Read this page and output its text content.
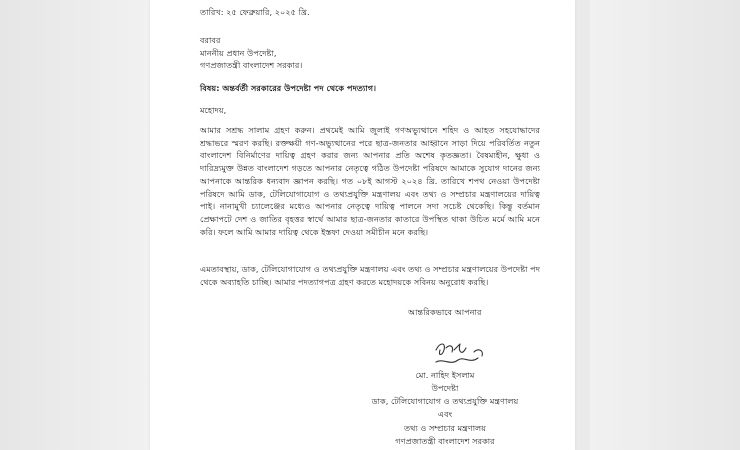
তারিখ: ২৫ ফেব্রুয়ারি, ২০২৫ খ্রি.

বরাবর

মাননীয় প্রধান উপদেষ্টা,

গণপ্রজাতন্ত্রী বাংলাদেশ সরকার।

বিষয়: অন্তর্বর্তী সরকারের উপদেষ্টা পদ থেকে পদত্যাগ।

মহোদয়,

আমার সশ্রদ্ধ সালাম গ্রহণ করুন। প্রথমেই আমি জুলাই গণঅভ্যুত্থানে শহিদ ও আহত সহযোদ্ধাদের শ্রদ্ধাভরে স্মরণ করছি। রক্তক্ষয়ী গণ-অভ্যুত্থানের পরে ছাত্র-জনতার আহ্বানে সাড়া দিয়ে পরিবর্তিত নতুন বাংলাদেশ বিনির্মাণের দায়িত্ব গ্রহণ করার জন্য আপনার প্রতি অশেষ কৃতজ্ঞতা। বৈষম্যহীন, ক্ষুধা ও দারিদ্র্যমুক্ত উন্নত বাংলাদেশ গড়তে আপনার নেতৃত্বে গঠিত উপদেষ্টা পরিষদে আমাকে সুযোগ দানের জন্য আপনাকে আন্তরিক ধন্যবাদ জ্ঞাপন করছি। গত ০৮ই আগস্ট ২০২৪ খ্রি. তারিখে শপথ নেওয়া উপদেষ্টা পরিষদে আমি ডাক, টেলিযোগাযোগ ও তথ্যপ্রযুক্তি মন্ত্রণালয় এবং তথ্য ও সম্প্রচার মন্ত্রণালয়ের দায়িত্ব পাই। নানামুখী চ্যালেঞ্জের মধ্যেও আপনার নেতৃত্বে দায়িত্ব পালনে সদা সচেষ্ট থেকেছি। কিন্তু বর্তমান প্রেক্ষাপটে দেশ ও জাতির বৃহত্তর স্বার্থে আমার ছাত্র-জনতার কাতারে উপস্থিত থাকা উচিত মর্মে আমি মনে করি। ফলে আমি আমার দায়িত্ব থেকে ইস্তফা দেওয়া সমীচীন মনে করছি।

এমতাবস্থায়, ডাক, টেলিযোগাযোগ ও তথ্যপ্রযুক্তি মন্ত্রণালয় এবং তথ্য ও সম্প্রচার মন্ত্রণালয়ের উপদেষ্টা পদ থেকে অব্যাহতি চাচ্ছি। আমার পদত্যাগপত্র গ্রহণ করতে মহোদয়কে সবিনয় অনুরোধ করছি।

আন্তরিকভাবে আপনার

মো. নাহিদ ইসলাম

উপদেষ্টা

ডাক, টেলিযোগাযোগ ও তথ্যপ্রযুক্তি মন্ত্রণালয়

এবং

তথ্য ও সম্প্রচার মন্ত্রণালয়

গণপ্রজাতন্ত্রী বাংলাদেশ সরকার
